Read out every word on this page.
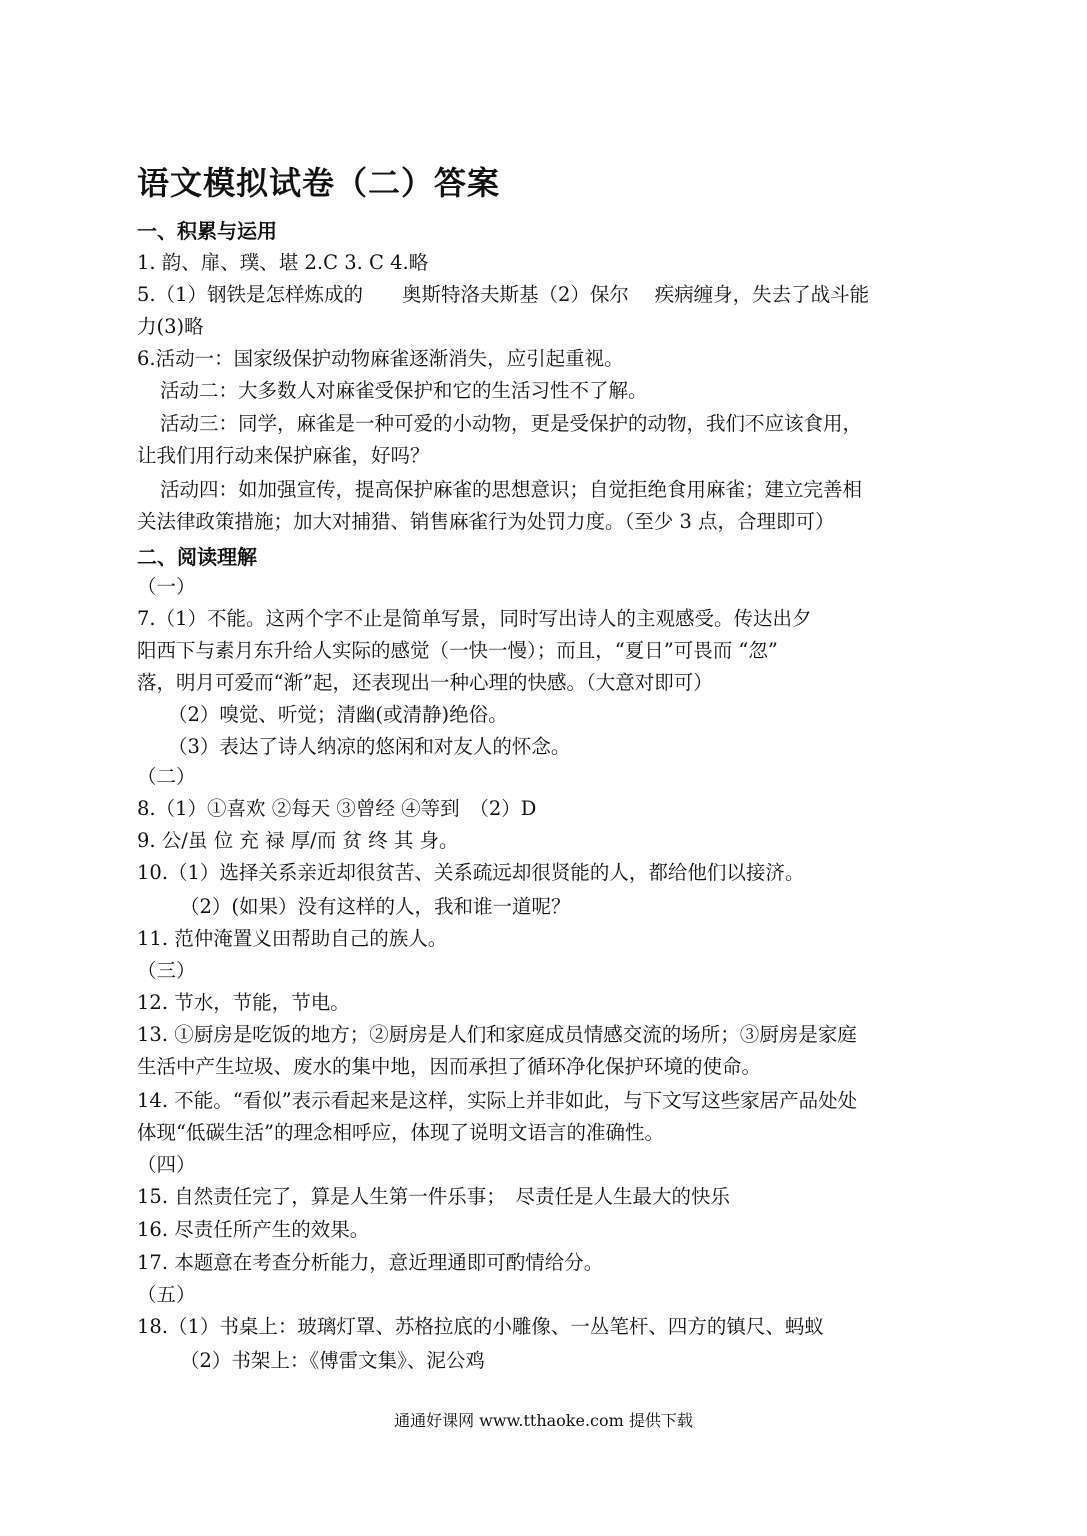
语文模拟试卷（二）答案
一、积累与运用
1. 韵、扉、璞、堪 2.C 3. C 4.略
5.（1）钢铁是怎样炼成的　　奥斯特洛夫斯基（2）保尔　 疾病缠身，失去了战斗能
力(3)略
6.活动一：国家级保护动物麻雀逐渐消失，应引起重视。
活动二：大多数人对麻雀受保护和它的生活习性不了解。
活动三：同学，麻雀是一种可爱的小动物，更是受保护的动物，我们不应该食用，
让我们用行动来保护麻雀，好吗？
活动四：如加强宣传，提高保护麻雀的思想意识；自觉拒绝食用麻雀；建立完善相
关法律政策措施；加大对捕猎、销售麻雀行为处罚力度。（至少 3 点，合理即可）
二、阅读理解
（一）
7.（1）不能。这两个字不止是简单写景，同时写出诗人的主观感受。传达出夕
阳西下与素月东升给人实际的感觉（一快一慢）；而且，“夏日”可畏而 “忽”
落，明月可爱而“渐”起，还表现出一种心理的快感。（大意对即可）
（2）嗅觉、听觉；清幽(或清静)绝俗。
（3）表达了诗人纳凉的悠闲和对友人的怀念。
（二）
8.（1）①喜欢 ②每天 ③曾经 ④等到　（2）D
9. 公/虽 位 充 禄 厚/而 贫 终 其 身。
10.（1）选择关系亲近却很贫苦、关系疏远却很贤能的人，都给他们以接济。
（2）(如果）没有这样的人，我和谁一道呢？
11. 范仲淹置义田帮助自己的族人。
（三）
12. 节水，节能，节电。
13. ①厨房是吃饭的地方；②厨房是人们和家庭成员情感交流的场所；③厨房是家庭
生活中产生垃圾、废水的集中地，因而承担了循环净化保护环境的使命。
14. 不能。“看似”表示看起来是这样，实际上并非如此，与下文写这些家居产品处处
体现“低碳生活”的理念相呼应，体现了说明文语言的准确性。
（四）
15. 自然责任完了，算是人生第一件乐事；　尽责任是人生最大的快乐
16. 尽责任所产生的效果。
17. 本题意在考查分析能力，意近理通即可酌情给分。
（五）
18.（1）书桌上：玻璃灯罩、苏格拉底的小雕像、一丛笔杆、四方的镇尺、蚂蚁
（2）书架上：《傅雷文集》、泥公鸡
通通好课网 www.tthaoke.com 提供下载
